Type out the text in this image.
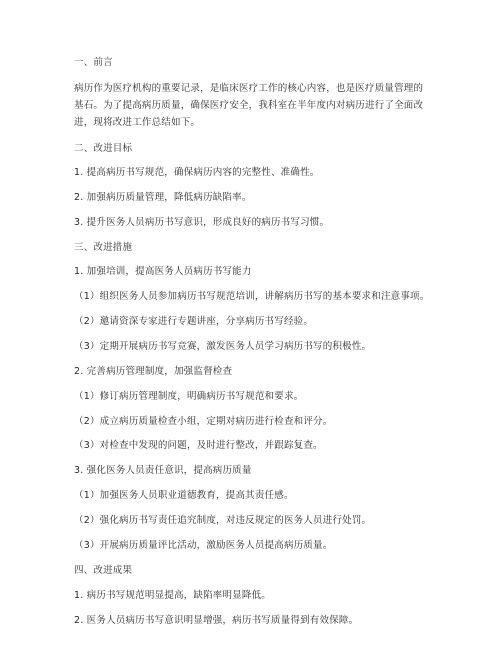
一、前言
病历作为医疗机构的重要记录，是临床医疗工作的核心内容，也是医疗质量管理的
基石。为了提高病历质量，确保医疗安全，我科室在半年度内对病历进行了全面改
进，现将改进工作总结如下。
二、改进目标
1. 提高病历书写规范，确保病历内容的完整性、准确性。
2. 加强病历质量管理，降低病历缺陷率。
3. 提升医务人员病历书写意识，形成良好的病历书写习惯。
三、改进措施
1. 加强培训，提高医务人员病历书写能力
（1）组织医务人员参加病历书写规范培训，讲解病历书写的基本要求和注意事项。
（2）邀请资深专家进行专题讲座，分享病历书写经验。
（3）定期开展病历书写竞赛，激发医务人员学习病历书写的积极性。
2. 完善病历管理制度，加强监督检查
（1）修订病历管理制度，明确病历书写规范和要求。
（2）成立病历质量检查小组，定期对病历进行检查和评分。
（3）对检查中发现的问题，及时进行整改，并跟踪复查。
3. 强化医务人员责任意识，提高病历质量
（1）加强医务人员职业道德教育，提高其责任感。
（2）强化病历书写责任追究制度，对违反规定的医务人员进行处罚。
（3）开展病历质量评比活动，激励医务人员提高病历质量。
四、改进成果
1. 病历书写规范明显提高，缺陷率明显降低。
2. 医务人员病历书写意识明显增强，病历书写质量得到有效保障。
